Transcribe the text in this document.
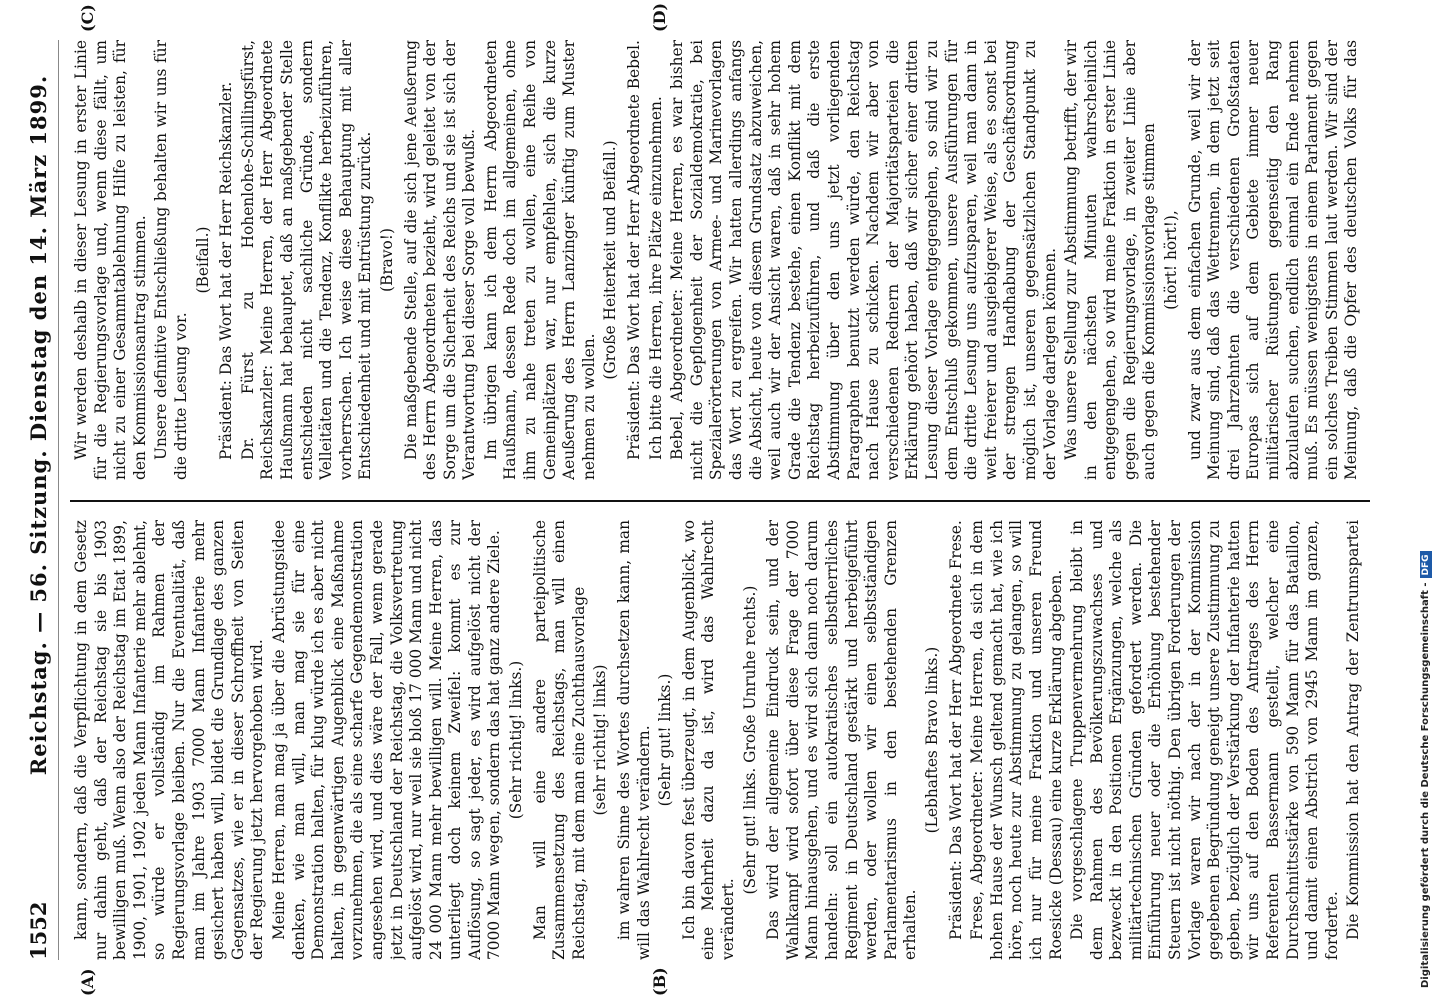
1552
Reichstag. — 56. Sitzung. Dienstag den 14. März 1899.
(A)	(B)
(C)	(D)

kann, sondern, daß die Verpflichtung in dem Gesetz nur dahin geht, daß der Reichstag sie bis 1903 bewilligen muß. Wenn also der Reichstag im Etat 1899, 1900, 1901, 1902 jeden Mann Infanterie mehr ablehnt, so würde er vollständig im Rahmen der Regierungsvorlage bleiben. Nur die Eventualität, daß man im Jahre 1903 7000 Mann Infanterie mehr gesichert haben will, bildet die Grundlage des ganzen Gegensatzes, wie er in dieser Schroffheit von Seiten der Regierung jetzt hervorgehoben wird. Meine Herren, man mag ja über die Abrüstungsidee denken, wie man will, man mag sie für eine Demonstration halten, für klug würde ich es aber nicht halten, in gegenwärtigen Augenblick eine Maßnahme vorzunehmen, die als eine scharfe Gegendemonstration angesehen wird, und dies wäre der Fall, wenn gerade jetzt in Deutschland der Reichstag, die Volksvertretung aufgelöst wird, nur weil sie bloß 17 000 Mann und nicht 24 000 Mann mehr bewilligen will. Meine Herren, das unterliegt doch keinem Zweifel: kommt es zur Auflösung, so sagt jeder, es wird aufgelöst nicht der 7000 Mann wegen, sondern das hat ganz andere Ziele. (Sehr richtig! links.) Man will eine andere parteipolitische Zusammensetzung des Reichstags, man will einen Reichstag, mit dem man eine Zuchthausvorlage (sehr richtig! links) im wahren Sinne des Wortes durchsetzen kann, man will das Wahlrecht verändern. (Sehr gut! links.) Ich bin davon fest überzeugt, in dem Augenblick, wo eine Mehrheit dazu da ist, wird das Wahlrecht verändert.

(Sehr gut! links. Große Unruhe rechts.) Das wird der allgemeine Eindruck sein, und der Wahlkampf wird sofort über diese Frage der 7000 Mann hinausgehen, und es wird sich dann noch darum handeln: soll ein autokratisches selbstherrliches Regiment in Deutschland gestärkt und herbeigeführt werden, oder wollen wir einen selbstständigen Parlamentarismus in den bestehenden Grenzen erhalten.

(Lebhaftes Bravo links.) Präsident: Das Wort hat der Herr Abgeordnete Frese. Frese, Abgeordneter: Meine Herren, da sich in dem hohen Hause der Wunsch geltend gemacht hat, wie ich höre, noch heute zur Abstimmung zu gelangen, so will ich nur für meine Fraktion und unseren Freund Roesicke (Dessau) eine kurze Erklärung abgeben. Die vorgeschlagene Truppenvermehrung bleibt in dem Rahmen des Bevölkerungszuwachses und bezweckt in den Positionen Ergänzungen, welche als militärtechnischen Gründen gefordert werden. Die Einführung neuer oder die Erhöhung bestehender Steuern ist nicht nöthig. Den übrigen Forderungen der Vorlage waren wir nach der in der Kommission gegebenen Begründung geneigt unsere Zustimmung zu geben, bezüglich der Verstärkung der Infanterie hatten wir uns auf den Boden des Antrages des Herrn Referenten Bassermann gestellt, welcher eine Durchschnittsstärke von 590 Mann für das Bataillon, und damit einen Abstrich von 2945 Mann im ganzen, forderte. Die Kommission hat den Antrag der Zentrumspartei

Wir werden deshalb in dieser Lesung in erster Linie für die Regierungsvorlage und, wenn diese fällt, um nicht zu einer Gesammtablehnung Hilfe zu leisten, für den Kommissionsantrag stimmen. Unsere definitive Entschließung behalten wir uns für die dritte Lesung vor.

(Beifall.) Präsident: Das Wort hat der Herr Reichskanzler. Dr. Fürst zu Hohenlohe-Schillingsfürst, Reichskanzler: Meine Herren, der Herr Abgeordnete Haußmann hat behauptet, daß an maßgebender Stelle entschieden nicht sachliche Gründe, sondern Velleitäten und die Tendenz, Konflikte herbeizuführen, vorherrschen. Ich weise diese Behauptung mit aller Entschiedenheit und mit Entrüstung zurück. (Bravo!) Die maßgebende Stelle, auf die sich jene Aeußerung des Herrn Abgeordneten bezieht, wird geleitet von der Sorge um die Sicherheit des Reichs und sie ist sich der Verantwortung bei dieser Sorge voll bewußt. Im übrigen kann ich dem Herrn Abgeordneten Haußmann, dessen Rede doch im allgemeinen, ohne ihm zu nahe treten zu wollen, eine Reihe von Gemeinplätzen war, nur empfehlen, sich die kurze Aeußerung des Herrn Lanzinger künftig zum Muster nehmen zu wollen.

(Große Heiterkeit und Beifall.) Präsident: Das Wort hat der Herr Abgeordnete Bebel. Ich bitte die Herren, ihre Plätze einzunehmen. Bebel, Abgeordneter: Meine Herren, es war bisher nicht die Gepflogenheit der Sozialdemokratie, bei Spezialerörterungen von Armee- und Marinevorlagen das Wort zu ergreifen. Wir hatten allerdings anfangs die Absicht, heute von diesem Grundsatz abzuweichen, weil auch wir der Ansicht waren, daß in sehr hohem Grade die Tendenz bestehe, einen Konflikt mit dem Reichstag herbeizuführen, und daß die erste Abstimmung über den uns jetzt vorliegenden Paragraphen benutzt werden würde, den Reichstag nach Hause zu schicken. Nachdem wir aber von verschiedenen Rednern der Majoritätsparteien die Erklärung gehört haben, daß wir sicher einer dritten Lesung dieser Vorlage entgegengehen, so sind wir zu dem Entschluß gekommen, unsere Ausführungen für die dritte Lesung uns aufzusparen, weil man dann in weit freierer und ausgiebigerer Weise, als es sonst bei der strengen Handhabung der Geschäftsordnung möglich ist, unseren gegensätzlichen Standpunkt zu der Vorlage darlegen können. Was unsere Stellung zur Abstimmung betrifft, der wir in den nächsten Minuten wahrscheinlich entgegengehen, so wird meine Fraktion in erster Linie gegen die Regierungsvorlage, in zweiter Linie aber auch gegen die Kommissionsvorlage stimmen (hört! hört!),

und zwar aus dem einfachen Grunde, weil wir der Meinung sind, daß das Wettrennen, in dem jetzt seit drei Jahrzehnten die verschiedenen Großstaaten Europas sich auf dem Gebiete immer neuer militärischer Rüstungen gegenseitig den Rang abzulaufen suchen, endlich einmal ein Ende nehmen muß. Es müssen wenigstens in einem Parlament gegen ein solches Treiben Stimmen laut werden. Wir sind der Meinung, daß die Opfer des deutschen Volks für das

Digitalisierung gefördert durch die Deutsche Forschungsgemeinschaft -DFG
